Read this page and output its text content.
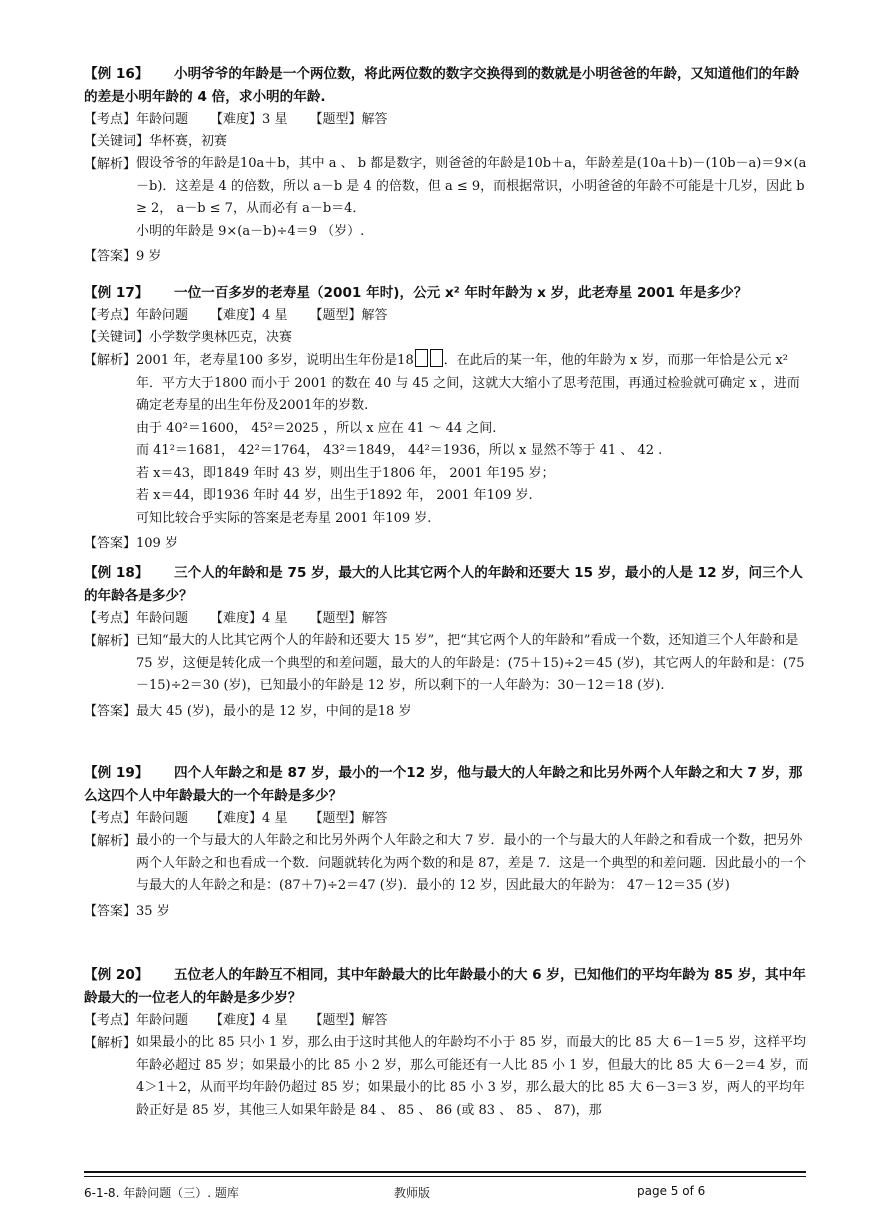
【例 16】 小明爷爷的年龄是一个两位数，将此两位数的数字交换得到的数就是小明爸爸的年龄，又知道他们的年龄的差是小明年龄的 4 倍，求小明的年龄.

【考点】年龄问题 【难度】3 星 【题型】解答
【关键词】华杯赛，初赛
【解析】 假设爷爷的年龄是10a＋b，其中 a 、 b 都是数字，则爸爸的年龄是10b＋a，年龄差是(10a＋b)－(10b－a)＝9×(a－b)．这差是 4 的倍数，所以 a－b 是 4 的倍数，但 a ≤ 9，而根据常识，小明爸爸的年龄不可能是十几岁，因此 b ≥ 2， a－b ≤ 7，从而必有 a－b＝4．

小明的年龄是 9×(a－b)÷4＝9 （岁）.

【答案】9 岁

【例 17】 一位一百多岁的老寿星（2001 年时)，公元 x² 年时年龄为 x 岁，此老寿星 2001 年是多少？

【考点】年龄问题 【难度】4 星 【题型】解答
【关键词】小学数学奥林匹克，决赛
【解析】 2001 年，老寿星100 多岁，说明出生年份是18 ．在此后的某一年，他的年龄为 x 岁，而那一年恰是公元 x² 年．平方大于1800 而小于 2001 的数在 40 与 45 之间，这就大大缩小了思考范围，再通过检验就可确定 x ，进而确定老寿星的出生年份及2001年的岁数.

由于 40²＝1600， 45²＝2025 ，所以 x 应在 41 ～ 44 之间.

而 41²＝1681， 42²＝1764， 43²＝1849， 44²＝1936，所以 x 显然不等于 41 、 42 .

若 x＝43，即1849 年时 43 岁，则出生于1806 年， 2001 年195 岁；

若 x＝44，即1936 年时 44 岁，出生于1892 年， 2001 年109 岁.

可知比较合乎实际的答案是老寿星 2001 年109 岁.

【答案】109 岁

【例 18】 三个人的年龄和是 75 岁，最大的人比其它两个人的年龄和还要大 15 岁，最小的人是 12 岁，问三个人的年龄各是多少？

【考点】年龄问题 【难度】4 星 【题型】解答
【解析】 已知“最大的人比其它两个人的年龄和还要大 15 岁”，把“其它两个人的年龄和”看成一个数，还知道三个人年龄和是 75 岁，这便是转化成一个典型的和差问题，最大的人的年龄是：(75＋15)÷2＝45 (岁)，其它两人的年龄和是：(75－15)÷2＝30 (岁)，已知最小的年龄是 12 岁，所以剩下的一人年龄为：30－12＝18 (岁).

【答案】最大 45 (岁)，最小的是 12 岁，中间的是18 岁

【例 19】 四个人年龄之和是 87 岁，最小的一个12 岁，他与最大的人年龄之和比另外两个人年龄之和大 7 岁，那么这四个人中年龄最大的一个年龄是多少？

【考点】年龄问题 【难度】4 星 【题型】解答
【解析】 最小的一个与最大的人年龄之和比另外两个人年龄之和大 7 岁．最小的一个与最大的人年龄之和看成一个数，把另外两个人年龄之和也看成一个数．问题就转化为两个数的和是 87，差是 7．这是一个典型的和差问题．因此最小的一个与最大的人年龄之和是：(87＋7)÷2＝47 (岁)．最小的 12 岁，因此最大的年龄为： 47－12＝35 (岁)

【答案】35 岁

【例 20】 五位老人的年龄互不相同，其中年龄最大的比年龄最小的大 6 岁，已知他们的平均年龄为 85 岁，其中年龄最大的一位老人的年龄是多少岁？

【考点】年龄问题 【难度】4 星 【题型】解答
【解析】 如果最小的比 85 只小 1 岁，那么由于这时其他人的年龄均不小于 85 岁，而最大的比 85 大 6－1＝5 岁，这样平均年龄必超过 85 岁；如果最小的比 85 小 2 岁，那么可能还有一人比 85 小 1 岁，但最大的比 85 大 6－2＝4 岁，而 4＞1＋2，从而平均年龄仍超过 85 岁；如果最小的比 85 小 3 岁，那么最大的比 85 大 6－3＝3 岁，两人的平均年龄正好是 85 岁，其他三人如果年龄是 84 、 85 、 86 (或 83 、 85 、 87)，那

6-1-8. 年龄问题（三）. 题库	教师版	page 5 of 6
